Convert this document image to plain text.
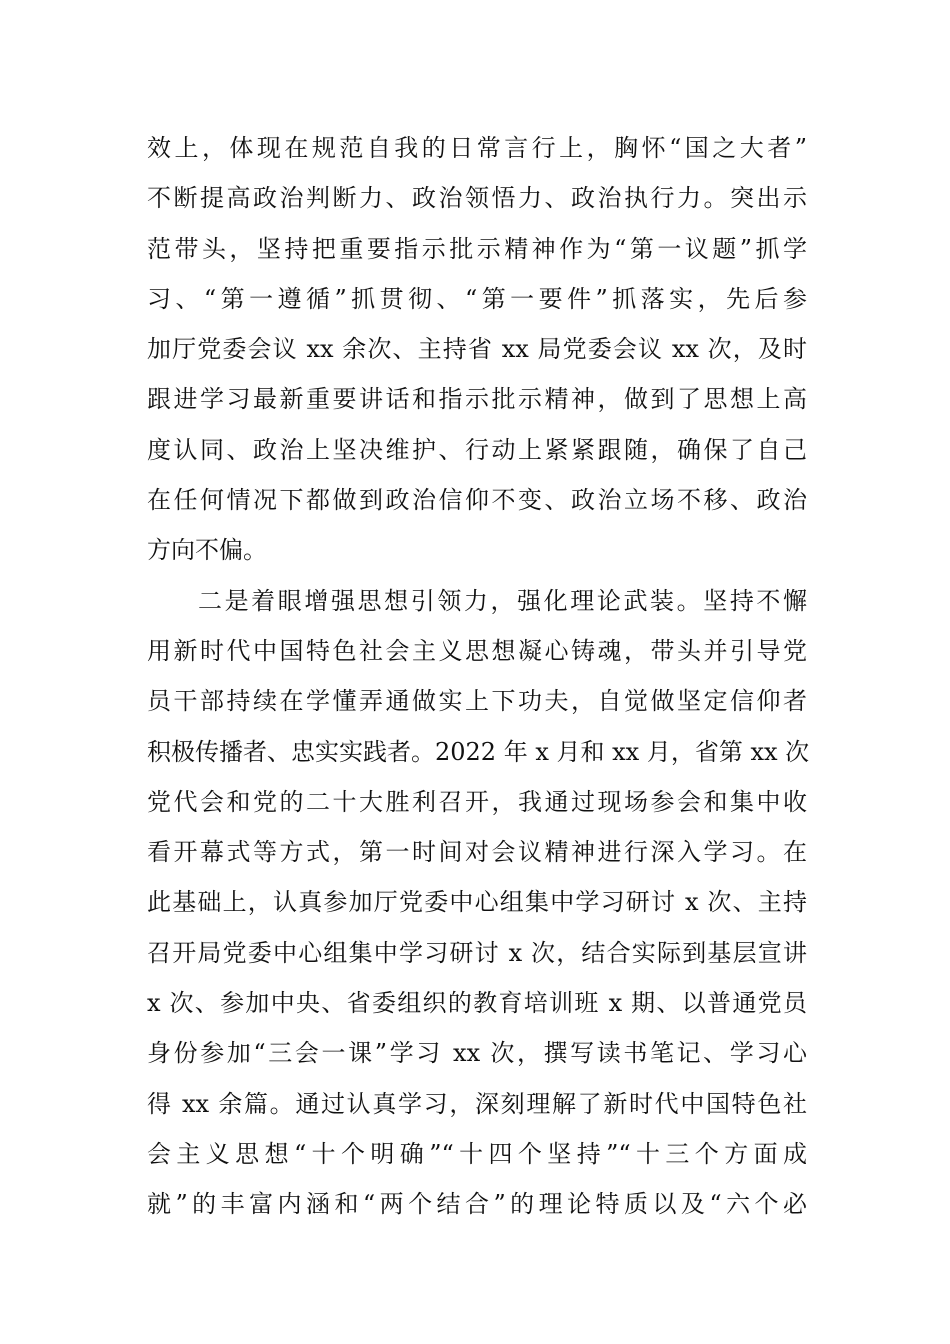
效上，体现在规范自我的日常言行上，胸怀“国之大者”
不断提高政治判断力、政治领悟力、政治执行力。突出示
范带头，坚持把重要指示批示精神作为“第一议题”抓学
习、“第一遵循”抓贯彻、“第一要件”抓落实，先后参
加厅党委会议 xx 余次、主持省 xx 局党委会议 xx 次，及时
跟进学习最新重要讲话和指示批示精神，做到了思想上高
度认同、政治上坚决维护、行动上紧紧跟随，确保了自己
在任何情况下都做到政治信仰不变、政治立场不移、政治
方向不偏。
二是着眼增强思想引领力，强化理论武装。坚持不懈
用新时代中国特色社会主义思想凝心铸魂，带头并引导党
员干部持续在学懂弄通做实上下功夫，自觉做坚定信仰者
积极传播者、忠实实践者。2022 年 x 月和 xx 月，省第 xx 次
党代会和党的二十大胜利召开，我通过现场参会和集中收
看开幕式等方式，第一时间对会议精神进行深入学习。在
此基础上，认真参加厅党委中心组集中学习研讨 x 次、主持
召开局党委中心组集中学习研讨 x 次，结合实际到基层宣讲
x 次、参加中央、省委组织的教育培训班 x 期、以普通党员
身份参加“三会一课”学习 xx 次，撰写读书笔记、学习心
得 xx 余篇。通过认真学习，深刻理解了新时代中国特色社
会主义思想“十个明确”“十四个坚持”“十三个方面成
就”的丰富内涵和“两个结合”的理论特质以及“六个必
